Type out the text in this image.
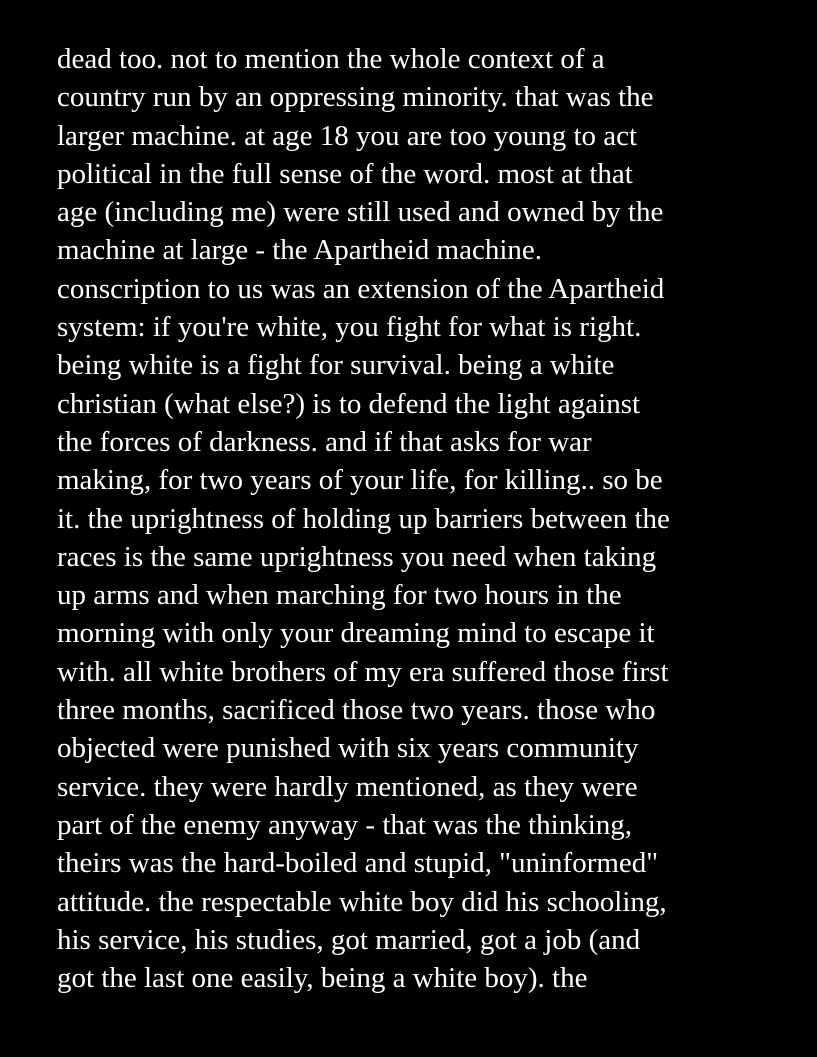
dead too. not to mention the whole context of a
country run by an oppressing minority. that was the
larger machine. at age 18 you are too young to act
political in the full sense of the word. most at that
age (including me) were still used and owned by the
machine at large - the Apartheid machine.
conscription to us was an extension of the Apartheid
system: if you're white, you fight for what is right.
being white is a fight for survival. being a white
christian (what else?) is to defend the light against
the forces of darkness. and if that asks for war
making, for two years of your life, for killing.. so be
it. the uprightness of holding up barriers between the
races is the same uprightness you need when taking
up arms and when marching for two hours in the
morning with only your dreaming mind to escape it
with. all white brothers of my era suffered those first
three months, sacrificed those two years. those who
objected were punished with six years community
service. they were hardly mentioned, as they were
part of the enemy anyway - that was the thinking,
theirs was the hard-boiled and stupid, "uninformed"
attitude. the respectable white boy did his schooling,
his service, his studies, got married, got a job (and
got the last one easily, being a white boy). the
